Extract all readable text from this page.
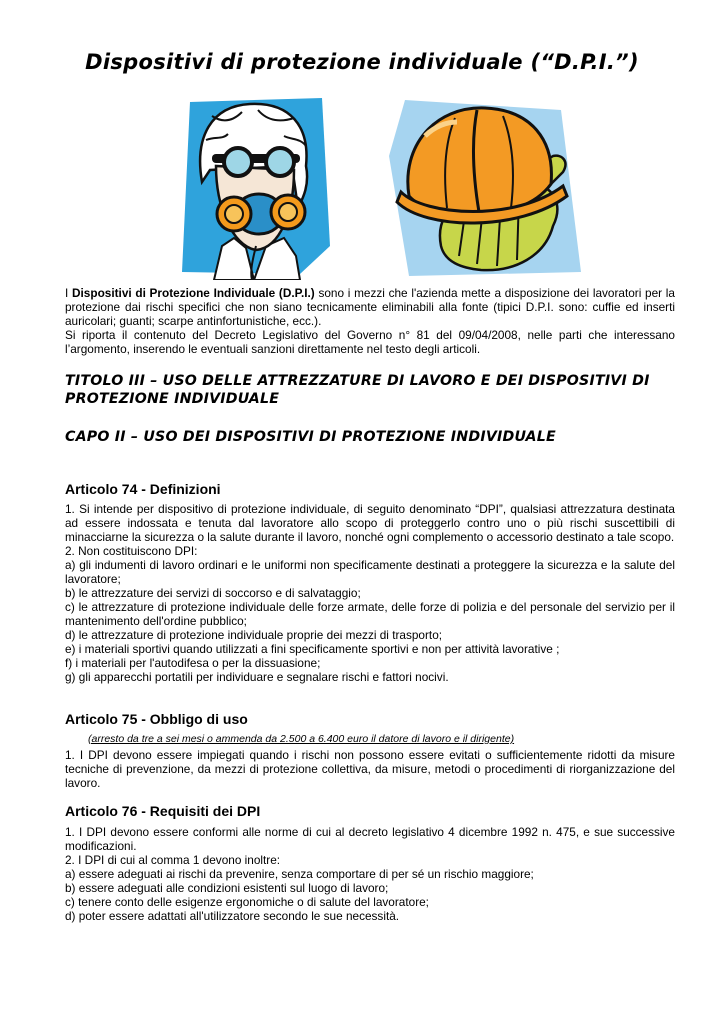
Dispositivi di protezione individuale (“D.P.I.”)
I Dispositivi di Protezione Individuale (D.P.I.) sono i mezzi che l'azienda mette a disposizione dei lavoratori per la protezione dai rischi specifici che non siano tecnicamente eliminabili alla fonte (tipici D.P.I. sono: cuffie ed inserti auricolari; guanti; scarpe antinfortunistiche, ecc.).
Si riporta il contenuto del Decreto Legislativo del Governo n° 81 del 09/04/2008, nelle parti che interessano l’argomento, inserendo le eventuali sanzioni direttamente nel testo degli articoli.
TITOLO III – USO DELLE ATTREZZATURE DI LAVORO E DEI DISPOSITIVI DI PROTEZIONE INDIVIDUALE
CAPO II – USO DEI DISPOSITIVI DI PROTEZIONE INDIVIDUALE
Articolo 74 - Definizioni
1. Si intende per dispositivo di protezione individuale, di seguito denominato “DPI”, qualsiasi attrezzatura destinata ad essere indossata e tenuta dal lavoratore allo scopo di proteggerlo contro uno o più rischi suscettibili di minacciarne la sicurezza o la salute durante il lavoro, nonché ogni complemento o accessorio destinato a tale scopo.
2. Non costituiscono DPI:
a) gli indumenti di lavoro ordinari e le uniformi non specificamente destinati a proteggere la sicurezza e la salute del lavoratore;
b) le attrezzature dei servizi di soccorso e di salvataggio;
c) le attrezzature di protezione individuale delle forze armate, delle forze di polizia e del personale del servizio per il mantenimento dell'ordine pubblico;
d) le attrezzature di protezione individuale proprie dei mezzi di trasporto;
e) i materiali sportivi quando utilizzati a fini specificamente sportivi e non per attività lavorative ;
f) i materiali per l'autodifesa o per la dissuasione;
g) gli apparecchi portatili per individuare e segnalare rischi e fattori nocivi.
Articolo 75 - Obbligo di uso
(arresto da tre a sei mesi o ammenda da 2.500 a 6.400 euro il datore di lavoro e il dirigente)
1. I DPI devono essere impiegati quando i rischi non possono essere evitati o sufficientemente ridotti da misure tecniche di prevenzione, da mezzi di protezione collettiva, da misure, metodi o procedimenti di riorganizzazione del lavoro.
Articolo 76 - Requisiti dei DPI
1. I DPI devono essere conformi alle norme di cui al decreto legislativo 4 dicembre 1992 n. 475, e sue successive modificazioni.
2. I DPI di cui al comma 1 devono inoltre:
a) essere adeguati ai rischi da prevenire, senza comportare di per sé un rischio maggiore;
b) essere adeguati alle condizioni esistenti sul luogo di lavoro;
c) tenere conto delle esigenze ergonomiche o di salute del lavoratore;
d) poter essere adattati all'utilizzatore secondo le sue necessità.
